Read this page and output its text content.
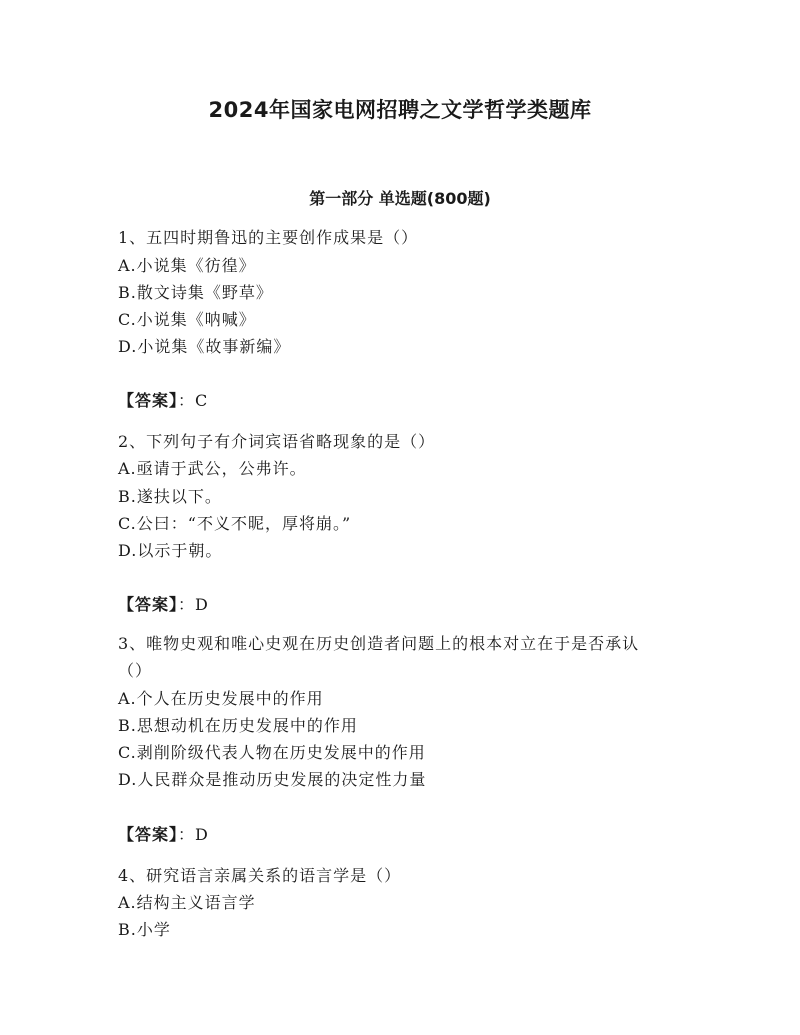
2024年国家电网招聘之文学哲学类题库
第一部分 单选题(800题)
1、五四时期鲁迅的主要创作成果是（）
A.小说集《彷徨》
B.散文诗集《野草》
C.小说集《呐喊》
D.小说集《故事新编》
【答案】：C
2、下列句子有介词宾语省略现象的是（）
A.亟请于武公，公弗许。
B.遂扶以下。
C.公曰：“不义不昵，厚将崩。”
D.以示于朝。
【答案】：D
3、唯物史观和唯心史观在历史创造者问题上的根本对立在于是否承认
（）
A.个人在历史发展中的作用
B.思想动机在历史发展中的作用
C.剥削阶级代表人物在历史发展中的作用
D.人民群众是推动历史发展的决定性力量
【答案】：D
4、研究语言亲属关系的语言学是（）
A.结构主义语言学
B.小学
